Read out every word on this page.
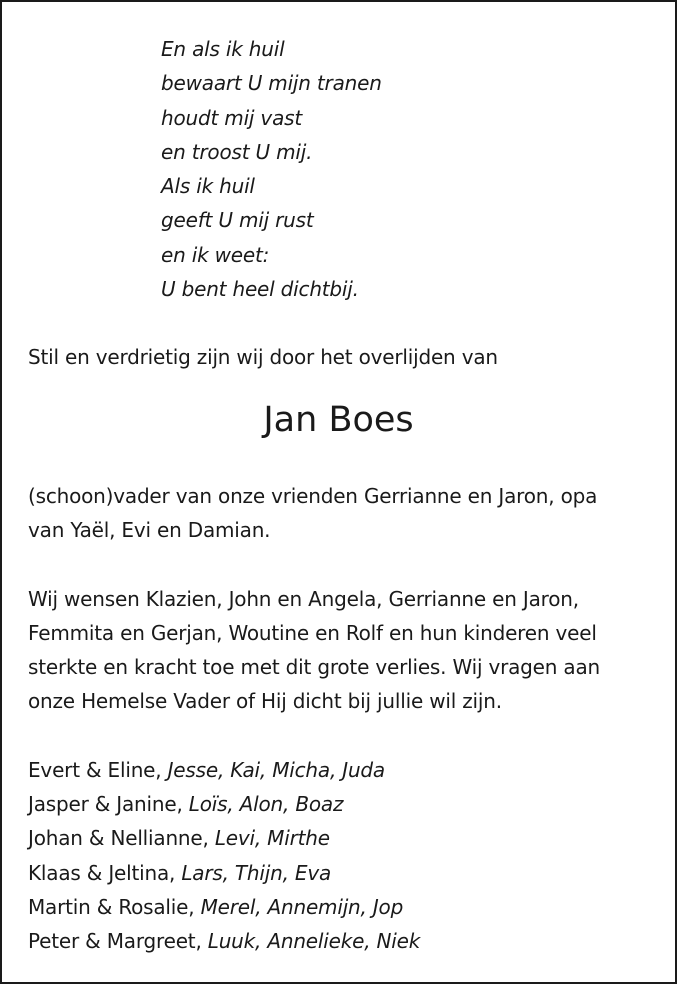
En als ik huil
bewaart U mijn tranen
houdt mij vast
en troost U mij.
Als ik huil
geeft U mij rust
en ik weet:
U bent heel dichtbij.
Stil en verdrietig zijn wij door het overlijden van
Jan Boes
(schoon)vader van onze vrienden Gerrianne en Jaron, opa
van Yaël, Evi en Damian.
Wij wensen Klazien, John en Angela, Gerrianne en Jaron,
Femmita en Gerjan, Woutine en Rolf en hun kinderen veel
sterkte en kracht toe met dit grote verlies. Wij vragen aan
onze Hemelse Vader of Hij dicht bij jullie wil zijn.
Evert & Eline, Jesse, Kai, Micha, Juda
Jasper & Janine, Loïs, Alon, Boaz
Johan & Nellianne, Levi, Mirthe
Klaas & Jeltina, Lars, Thijn, Eva
Martin & Rosalie, Merel, Annemijn, Jop
Peter & Margreet, Luuk, Annelieke, Niek
